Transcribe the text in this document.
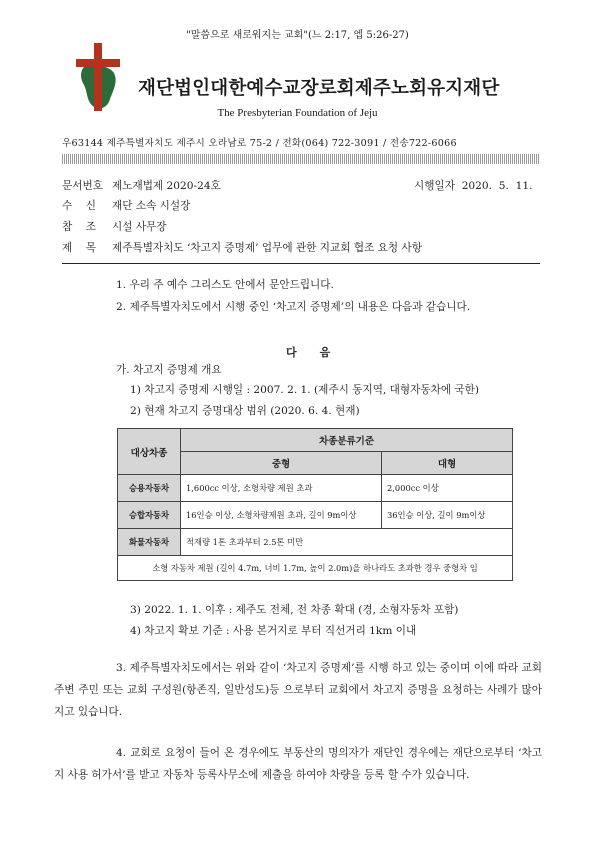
"말씀으로 새로워지는 교회"(느 2:17, 엡 5:26-27)
재단법인대한예수교장로회제주노회유지재단
The Presbyterian Foundation of Jeju
우63144 제주특별자치도 제주시 오라남로 75-2 / 전화(064) 722-3091 / 전송722-6066
문서번호 제노재법제 2020-24호	시행일자 2020.  5.  11.
수    신 재단 소속 시설장
참    조 시설 사무장
제    목 제주특별자치도 ‘차고지 증명제’ 업무에 관한 지교회 협조 요청 사항
1. 우리 주 예수 그리스도 안에서 문안드립니다.
2. 제주특별자치도에서 시행 중인 ‘차고지 증명제’의 내용은 다음과 같습니다.
다      음
가. 차고지 증명제 개요
1) 차고지 증명제 시행일 : 2007. 2. 1. (제주시 동지역, 대형자동차에 국한)
2) 현재 차고지 증명대상 범위 (2020. 6. 4. 현재)
대상차종	차종분류기준	
	중형	대형
승용자동차	1,600cc 이상, 소형차량 제원 초과	2,000cc 이상
승합자동차	16인승 이상, 소형차량제원 초과, 길이 9m이상	36인승 이상, 길이 9m이상
화물자동차	적재량 1톤 초과부터 2.5톤 미만	
소형 자동차 제원 (길이 4.7m, 너비 1.7m, 높이 2.0m)을 하나라도 초과한 경우 중형차 임		
3) 2022. 1. 1. 이후 : 제주도 전체, 전 차종 확대 (경, 소형자동차 포함)
4) 차고지 확보 기준 : 사용 본거지로 부터 직선거리 1km 이내

3. 제주특별자치도에서는 위와 같이 ‘차고지 증명제’를 시행 하고 있는 중이며 이에 따라 교회 주변 주민 또는 교회 구성원(항존직, 일반성도)등 으로부터 교회에서 차고지 증명을 요청하는 사례가 많아 지고 있습니다.

4. 교회로 요청이 들어 온 경우에도 부동산의 명의자가 재단인 경우에는 재단으로부터 ‘차고지 사용 허가서’를 받고 자동차 등록사무소에 제출을 하여야 차량을 등록 할 수가 있습니다.
